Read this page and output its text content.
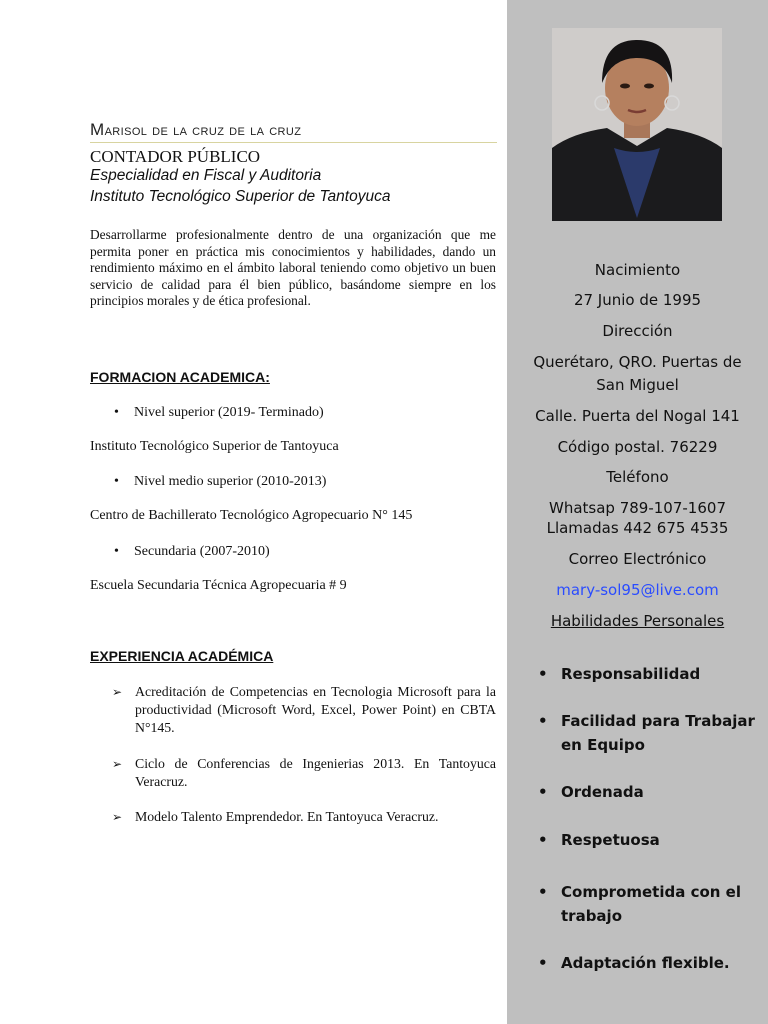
Marisol de la cruz de la cruz
CONTADOR PÚBLICO
Especialidad en Fiscal y Auditoria
Instituto Tecnológico Superior de Tantoyuca
Desarrollarme profesionalmente dentro de una organización que me permita poner en práctica mis conocimientos y habilidades, dando un rendimiento máximo en el ámbito laboral teniendo como objetivo un buen servicio de calidad para él bien público, basándome siempre en los principios morales y de ética profesional.
FORMACION ACADEMICA:
• Nivel superior (2019- Terminado)
Instituto Tecnológico Superior de Tantoyuca
• Nivel medio superior (2010-2013)
Centro de Bachillerato Tecnológico Agropecuario N° 145
• Secundaria (2007-2010)
Escuela Secundaria Técnica Agropecuaria # 9
EXPERIENCIA ACADÉMICA
➢ Acreditación de Competencias en Tecnologia Microsoft para la productividad (Microsoft Word, Excel, Power Point) en CBTA N°145.
➢ Ciclo de Conferencias de Ingenierias 2013. En Tantoyuca Veracruz.
➢ Modelo Talento Emprendedor. En Tantoyuca Veracruz.
Nacimiento
27 Junio de 1995
Dirección
Querétaro, QRO. Puertas de
San Miguel
Calle. Puerta del Nogal 141
Código postal. 76229
Teléfono
Whatsap 789-107-1607
Llamadas 442 675 4535
Correo Electrónico
mary-sol95@live.com
Habilidades Personales
• Responsabilidad
• Facilidad para Trabajar en Equipo
• Ordenada
• Respetuosa
• Comprometida con el trabajo
• Adaptación flexible.
